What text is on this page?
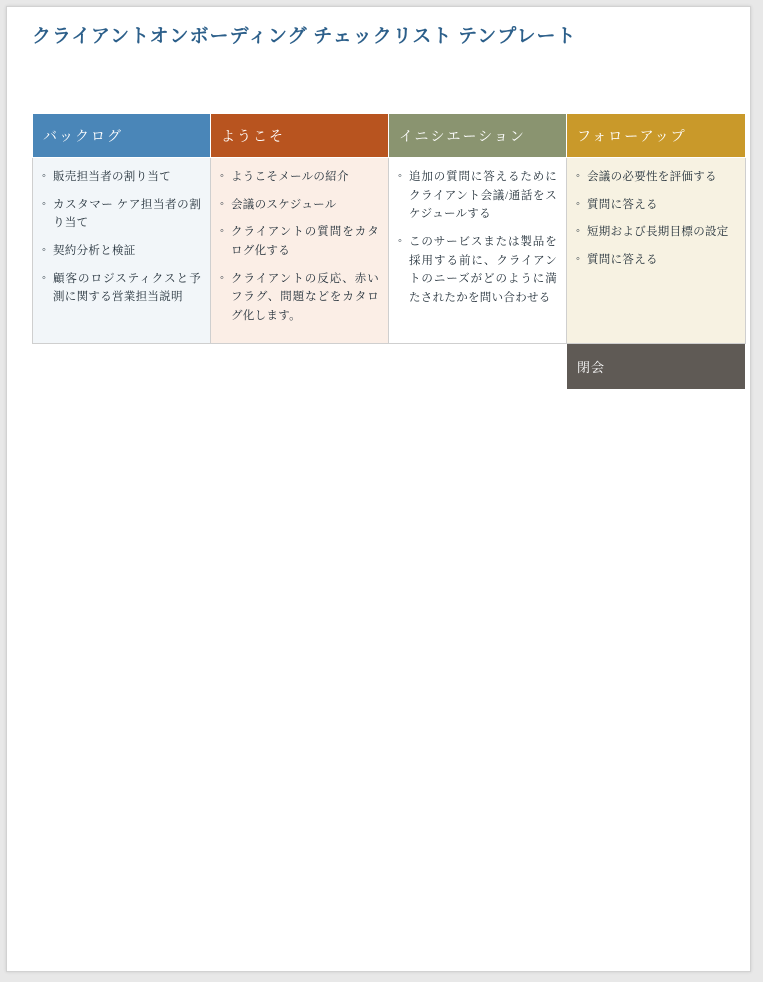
クライアントオンボーディング チェックリスト テンプレート
バックログ	ようこそ	イニシエーション	フォローアップ

◦ 販売担当者の割り当て
◦ カスタマー ケア担当者の割り当て
◦ 契約分析と検証
◦ 顧客のロジスティクスと予測に関する営業担当説明

◦ ようこそメールの紹介
◦ 会議のスケジュール
◦ クライアントの質問をカタログ化する
◦ クライアントの反応、赤いフラグ、問題などをカタログ化します。

◦ 追加の質問に答えるためにクライアント会議/通話をスケジュールする
◦ このサービスまたは製品を採用する前に、クライアントのニーズがどのように満たされたかを問い合わせる

◦ 会議の必要性を評価する
◦ 質問に答える
◦ 短期および長期目標の設定
◦ 質問に答える

			閉会
